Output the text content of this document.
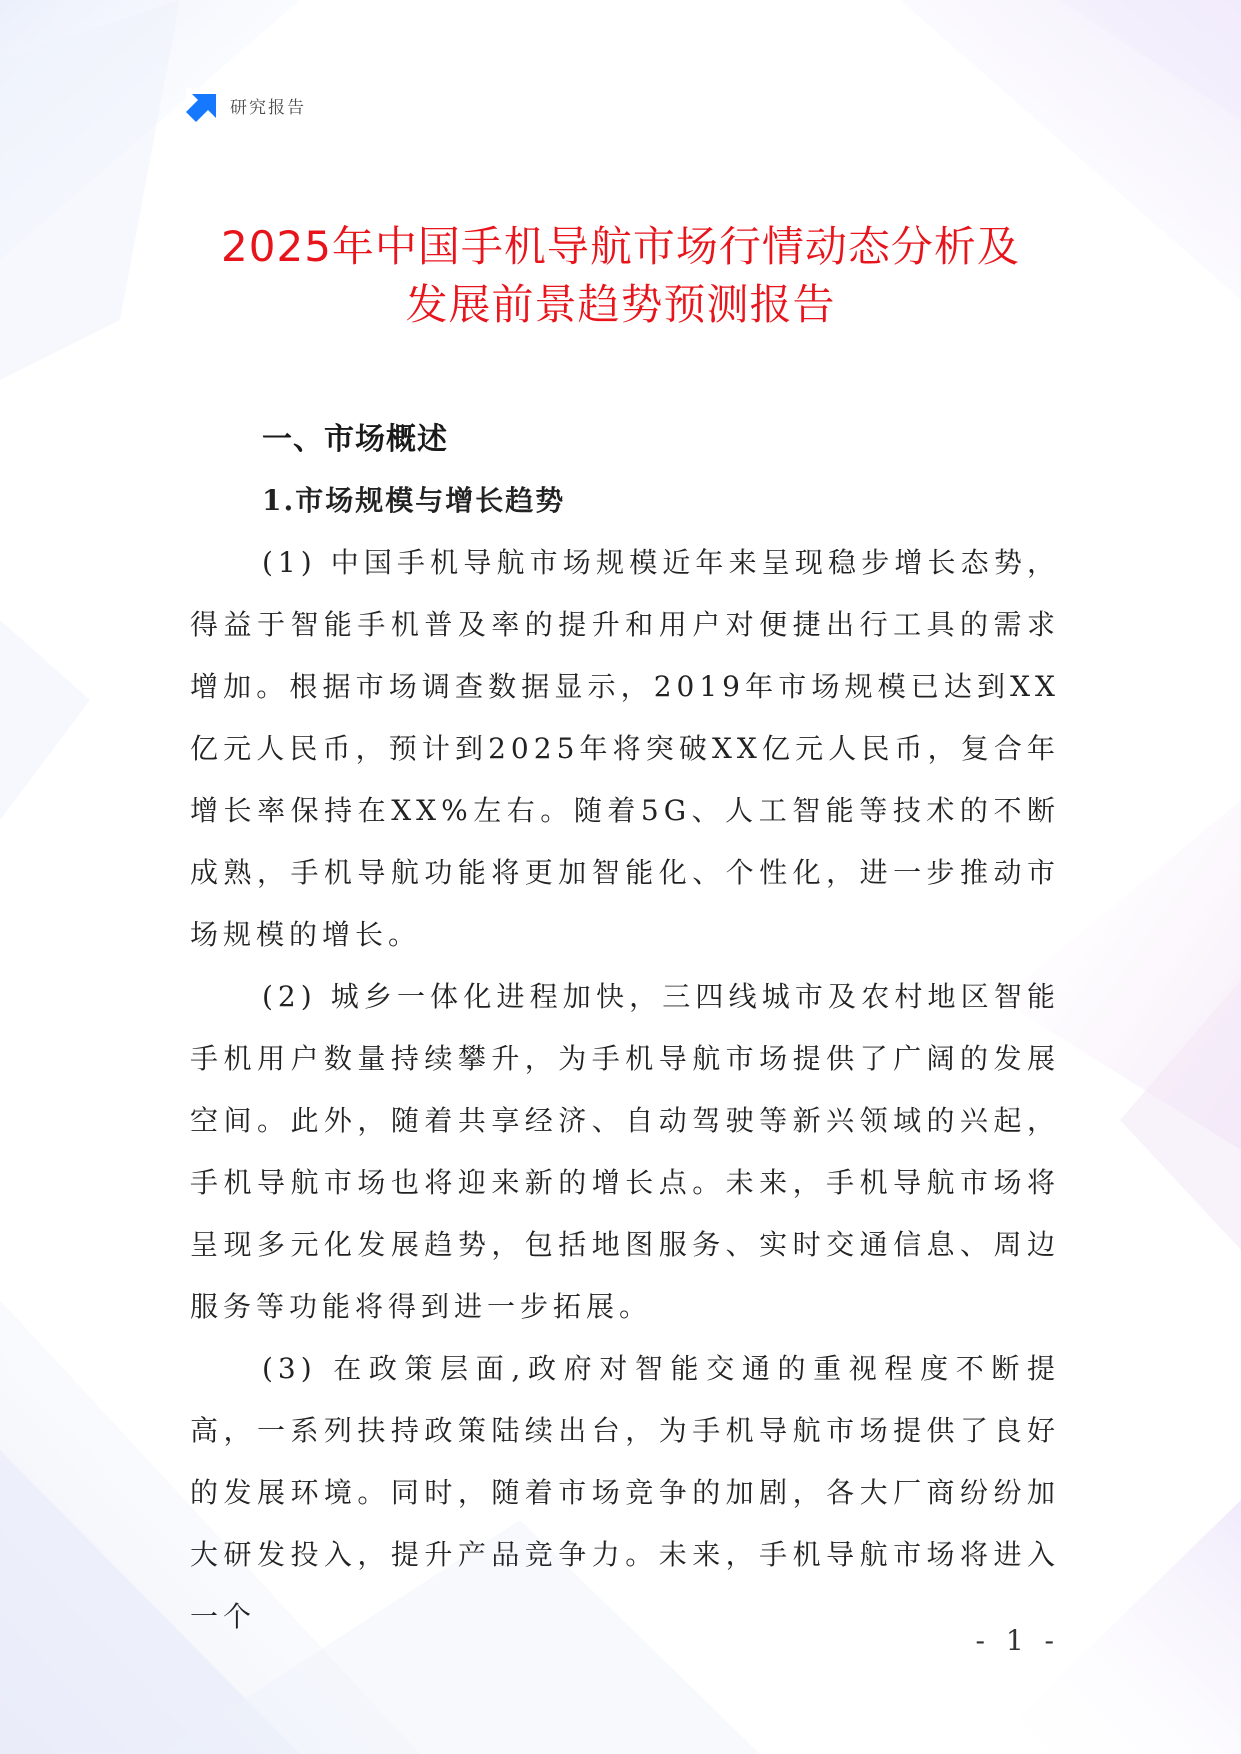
研究报告
2025年中国手机导航市场行情动态分析及
发展前景趋势预测报告
一、市场概述
1.市场规模与增长趋势

(1) 中国手机导航市场规模近年来呈现稳步增长态势，得益于智能手机普及率的提升和用户对便捷出行工具的需求增加。根据市场调查数据显示，2019年市场规模已达到XX亿元人民币，预计到2025年将突破XX亿元人民币，复合年增长率保持在XX%左右。随着5G、人工智能等技术的不断成熟，手机导航功能将更加智能化、个性化，进一步推动市场规模的增长。

(2) 城乡一体化进程加快，三四线城市及农村地区智能手机用户数量持续攀升，为手机导航市场提供了广阔的发展空间。此外，随着共享经济、自动驾驶等新兴领域的兴起，手机导航市场也将迎来新的增长点。未来，手机导航市场将呈现多元化发展趋势，包括地图服务、实时交通信息、周边服务等功能将得到进一步拓展。

(3) 在政策层面,政府对智能交通的重视程度不断提高，一系列扶持政策陆续出台，为手机导航市场提供了良好的发展环境。同时，随着市场竞争的加剧，各大厂商纷纷加大研发投入，提升产品竞争力。未来，手机导航市场将进入一个

- 1 -
